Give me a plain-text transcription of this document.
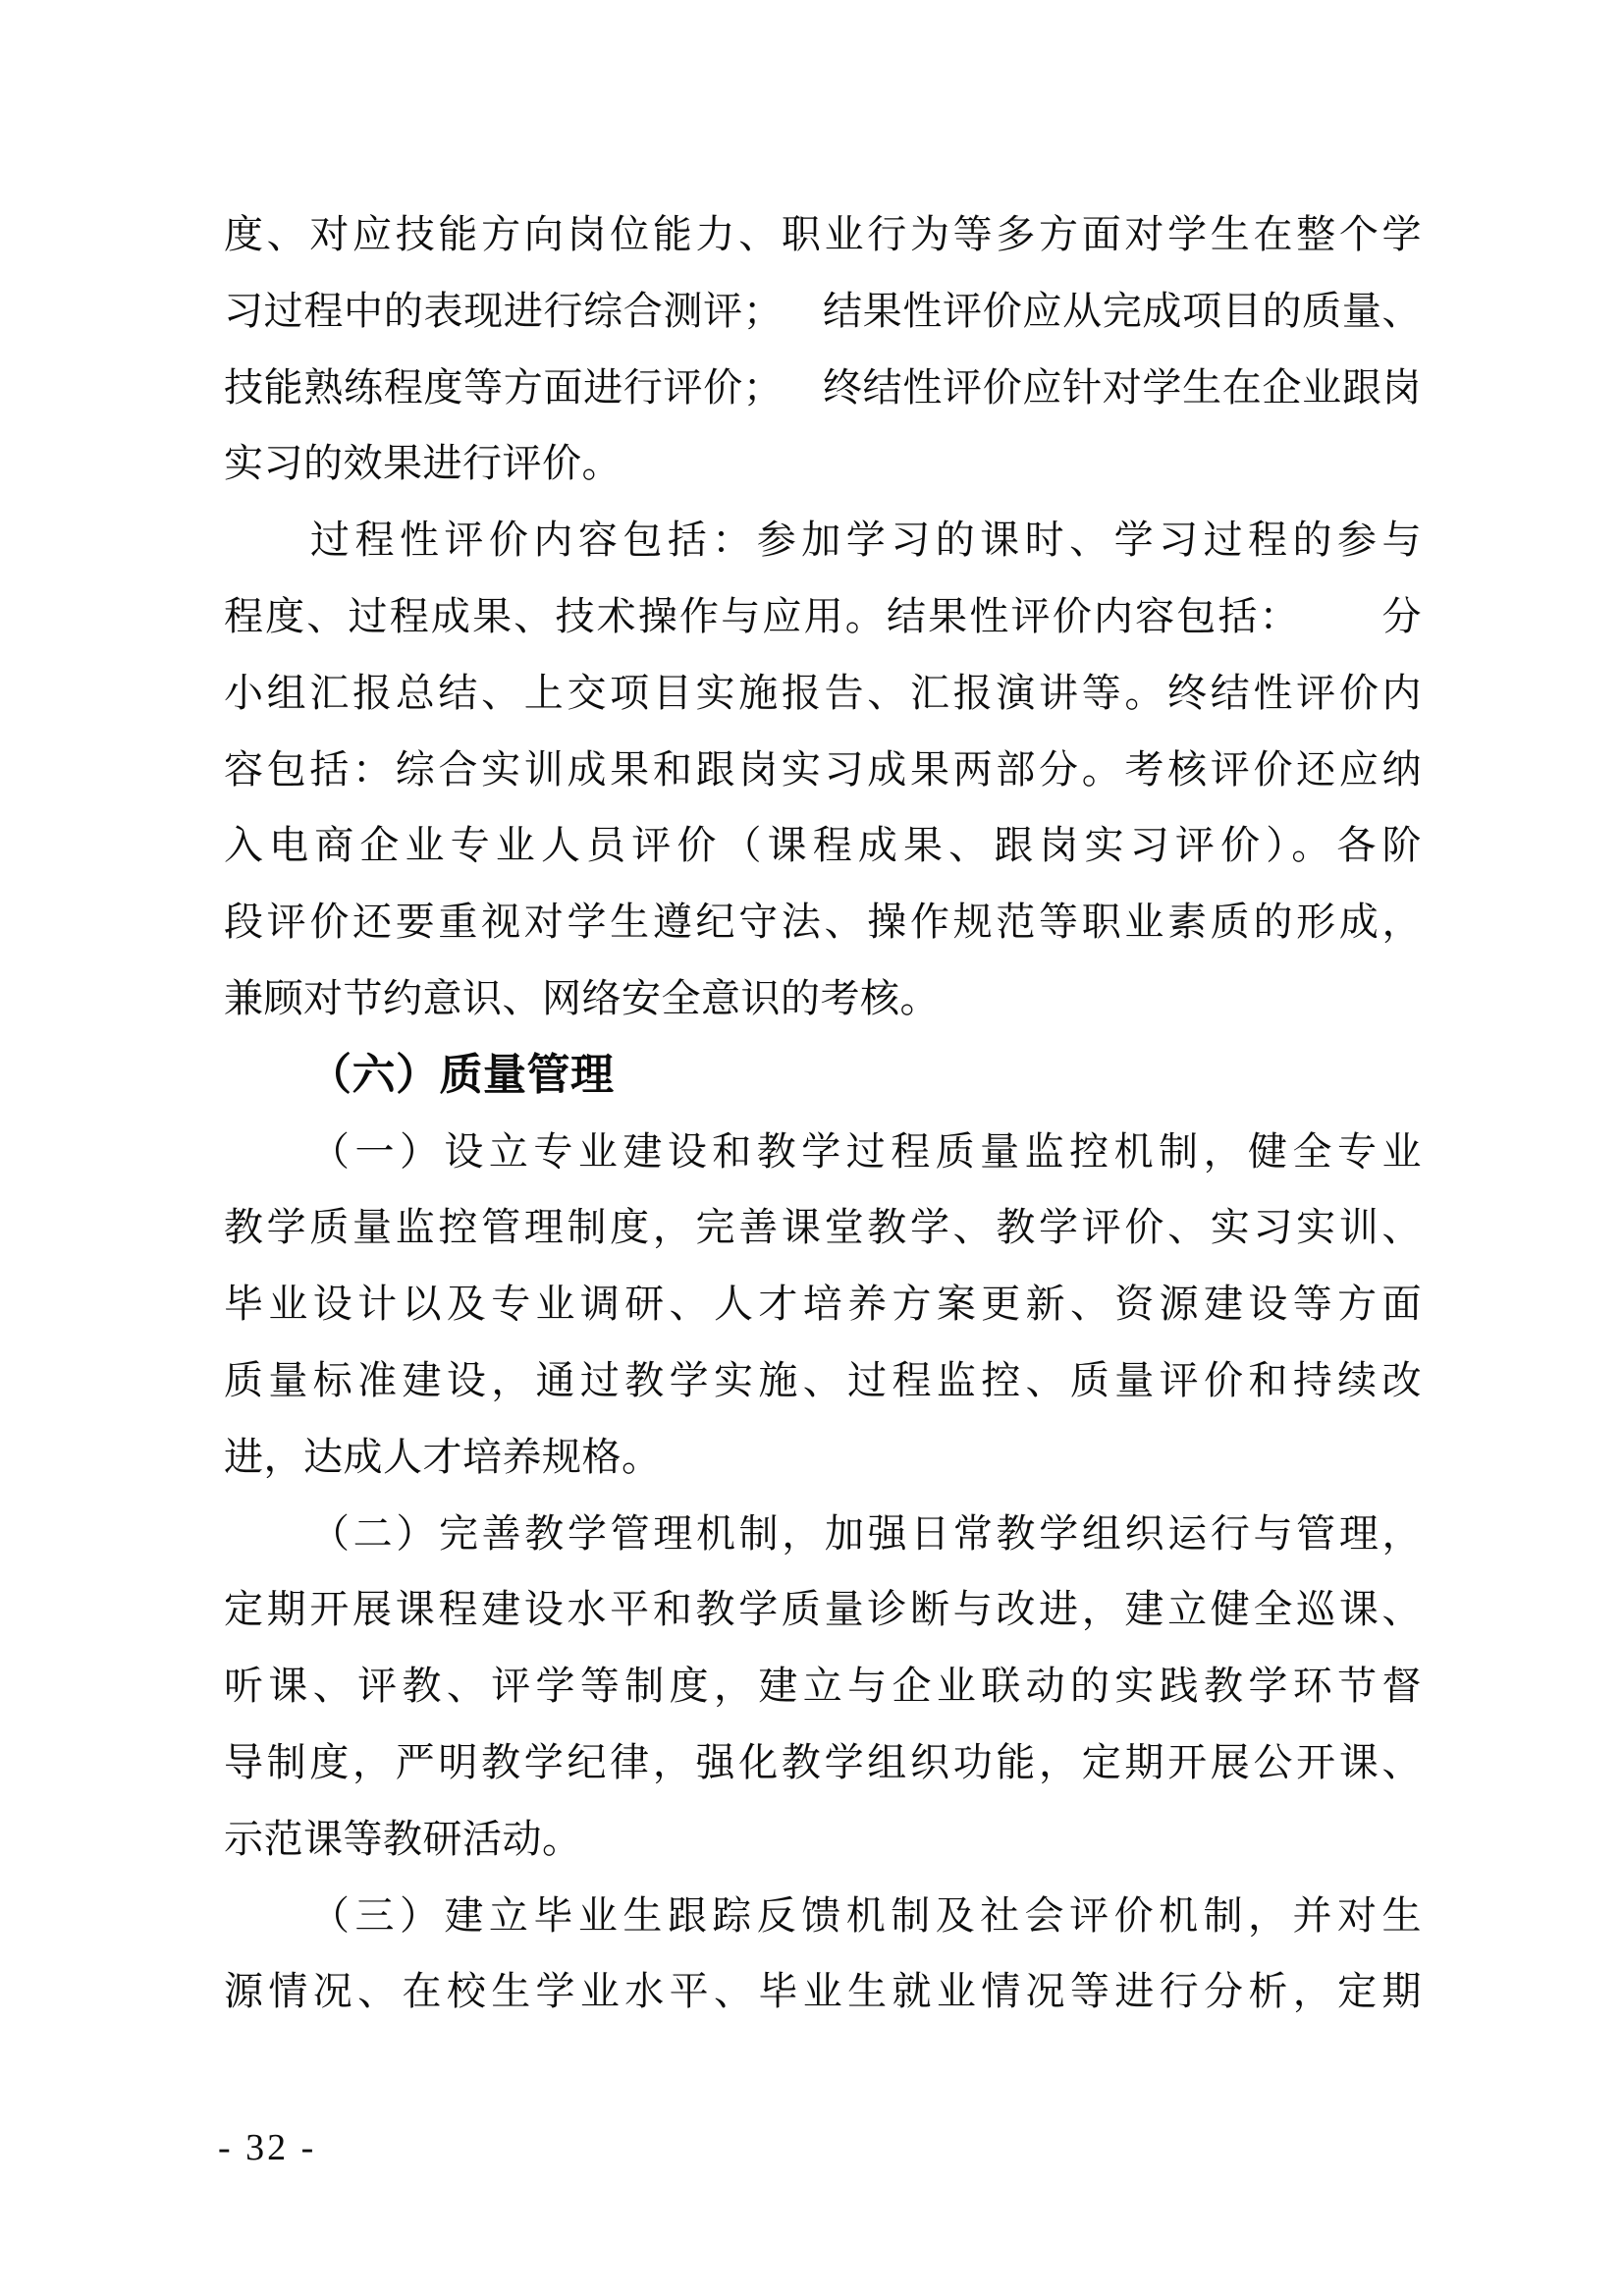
度、对应技能方向岗位能力、职业行为等多方面对学生在整个学
习过程中的表现进行综合测评； 结果性评价应从完成项目的质量、
技能熟练程度等方面进行评价； 终结性评价应针对学生在企业跟岗
实习的效果进行评价。
过程性评价内容包括：参加学习的课时、学习过程的参与
程度、过程成果、技术操作与应用。结果性评价内容包括：  分
小组汇报总结、上交项目实施报告、汇报演讲等。终结性评价内
容包括：综合实训成果和跟岗实习成果两部分。考核评价还应纳
入电商企业专业人员评价（课程成果、跟岗实习评价）。各阶
段评价还要重视对学生遵纪守法、操作规范等职业素质的形成，
兼顾对节约意识、网络安全意识的考核。
（六）质量管理
（一）设立专业建设和教学过程质量监控机制，健全专业
教学质量监控管理制度，完善课堂教学、教学评价、实习实训、
毕业设计以及专业调研、人才培养方案更新、资源建设等方面
质量标准建设，通过教学实施、过程监控、质量评价和持续改
进，达成人才培养规格。
（二）完善教学管理机制，加强日常教学组织运行与管理，
定期开展课程建设水平和教学质量诊断与改进，建立健全巡课、
听课、评教、评学等制度，建立与企业联动的实践教学环节督
导制度，严明教学纪律，强化教学组织功能，定期开展公开课、
示范课等教研活动。
（三）建立毕业生跟踪反馈机制及社会评价机制，并对生
源情况、在校生学业水平、毕业生就业情况等进行分析，定期
- 32 -
